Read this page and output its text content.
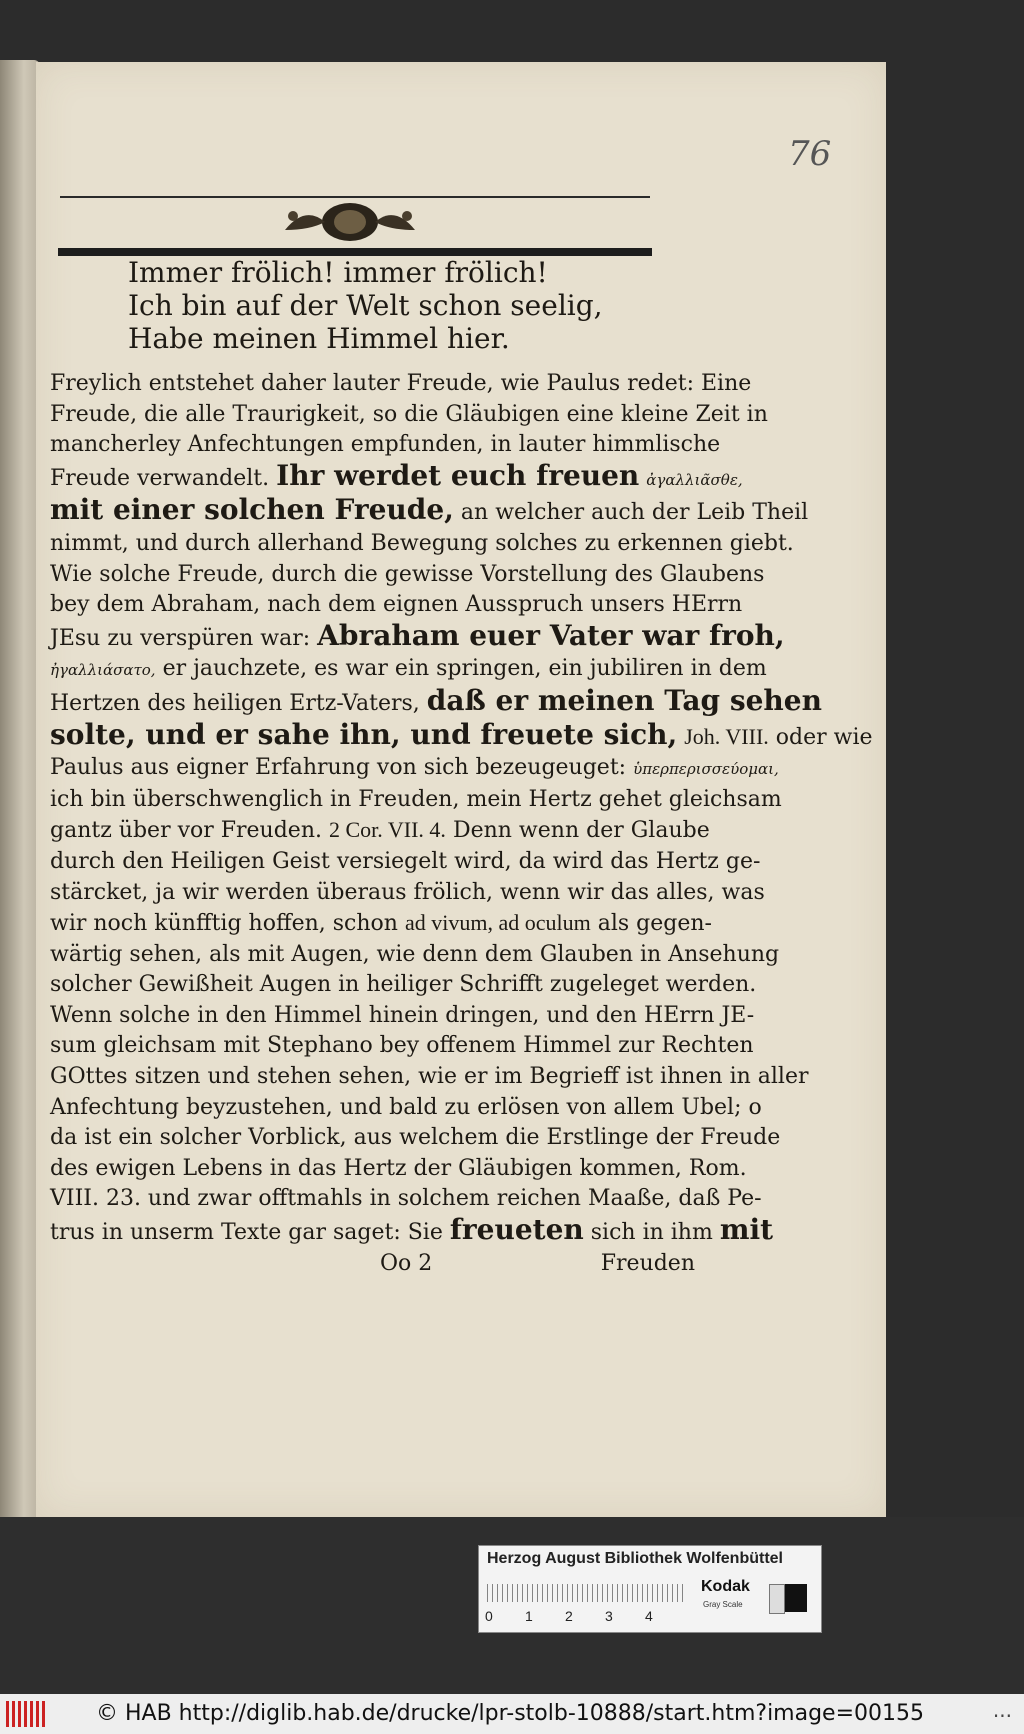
76
Immer frölich! immer frölich!
Ich bin auf der Welt schon seelig,
Habe meinen Himmel hier.
Freylich entstehet daher lauter Freude, wie Paulus redet: Eine
Freude, die alle Traurigkeit, so die Gläubigen eine kleine Zeit in
mancherley Anfechtungen empfunden, in lauter himmlische
Freude verwandelt. Ihr werdet euch freuen ἀγαλλιᾶσθε,
mit einer solchen Freude, an welcher auch der Leib Theil
nimmt, und durch allerhand Bewegung solches zu erkennen giebt.
Wie solche Freude, durch die gewisse Vorstellung des Glaubens
bey dem Abraham, nach dem eignen Ausspruch unsers HErrn
JEsu zu verspüren war: Abraham euer Vater war froh,
ἠγαλλιάσατο, er jauchzete, es war ein springen, ein jubiliren in dem
Hertzen des heiligen Ertz-Vaters, daß er meinen Tag sehen
solte, und er sahe ihn, und freuete sich, Joh. VIII. oder wie
Paulus aus eigner Erfahrung von sich bezeugeuget: ὑπερπερισσεύομαι,
ich bin überschwenglich in Freuden, mein Hertz gehet gleichsam
gantz über vor Freuden. 2 Cor. VII. 4. Denn wenn der Glaube
durch den Heiligen Geist versiegelt wird, da wird das Hertz ge-
stärcket, ja wir werden überaus frölich, wenn wir das alles, was
wir noch künfftig hoffen, schon ad vivum, ad oculum als gegen-
wärtig sehen, als mit Augen, wie denn dem Glauben in Ansehung
solcher Gewißheit Augen in heiliger Schrifft zugeleget werden.
Wenn solche in den Himmel hinein dringen, und den HErrn JE-
sum gleichsam mit Stephano bey offenem Himmel zur Rechten
GOttes sitzen und stehen sehen, wie er im Begrieff ist ihnen in aller
Anfechtung beyzustehen, und bald zu erlösen von allem Ubel; o
da ist ein solcher Vorblick, aus welchem die Erstlinge der Freude
des ewigen Lebens in das Hertz der Gläubigen kommen, Rom.
VIII. 23. und zwar offtmahls in solchem reichen Maaße, daß Pe-
trus in unserm Texte gar saget: Sie freueten sich in ihm mit
Oo 2	Freuden
Herzog August Bibliothek Wolfenbüttel
0 1 2 3 4
Kodak
Gray Scale
© HAB http://diglib.hab.de/drucke/lpr-stolb-10888/start.htm?image=00155	...
